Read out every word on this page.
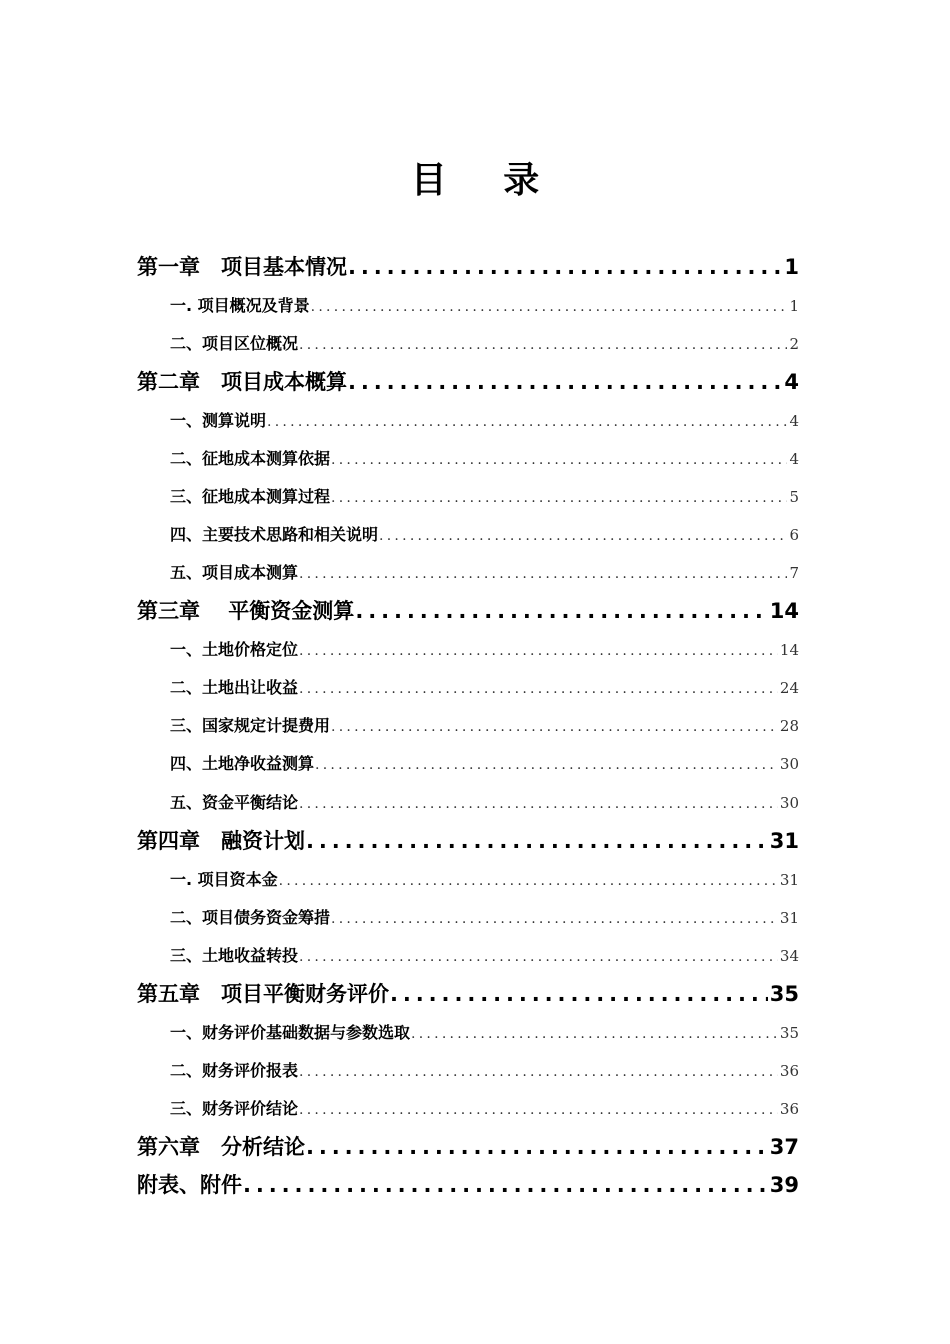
目 录
第一章　项目基本情况 . . .	1
一. 项目概况及背景 . . .	1
二、项目区位概况 . . .	2
第二章　项目成本概算 . . .	4
一、测算说明 . . .	4
二、征地成本测算依据 . . .	4
三、征地成本测算过程 . . .	5
四、主要技术思路和相关说明 . . .	6
五、项目成本测算 . . .	7
第三章　 平衡资金测算 . . .	14
一、土地价格定位 . . .	14
二、土地出让收益 . . .	24
三、国家规定计提费用 . . .	28
四、土地净收益测算 . . .	30
五、资金平衡结论 . . .	30
第四章　融资计划 . . .	31
一. 项目资本金 . . .	31
二、项目债务资金筹措 . . .	31
三、土地收益转投 . . .	34
第五章　项目平衡财务评价 . . .	35
一、财务评价基础数据与参数选取 . . .	35
二、财务评价报表 . . .	36
三、财务评价结论 . . .	36
第六章　分析结论 . . .	37
附表、附件 . . .	39
